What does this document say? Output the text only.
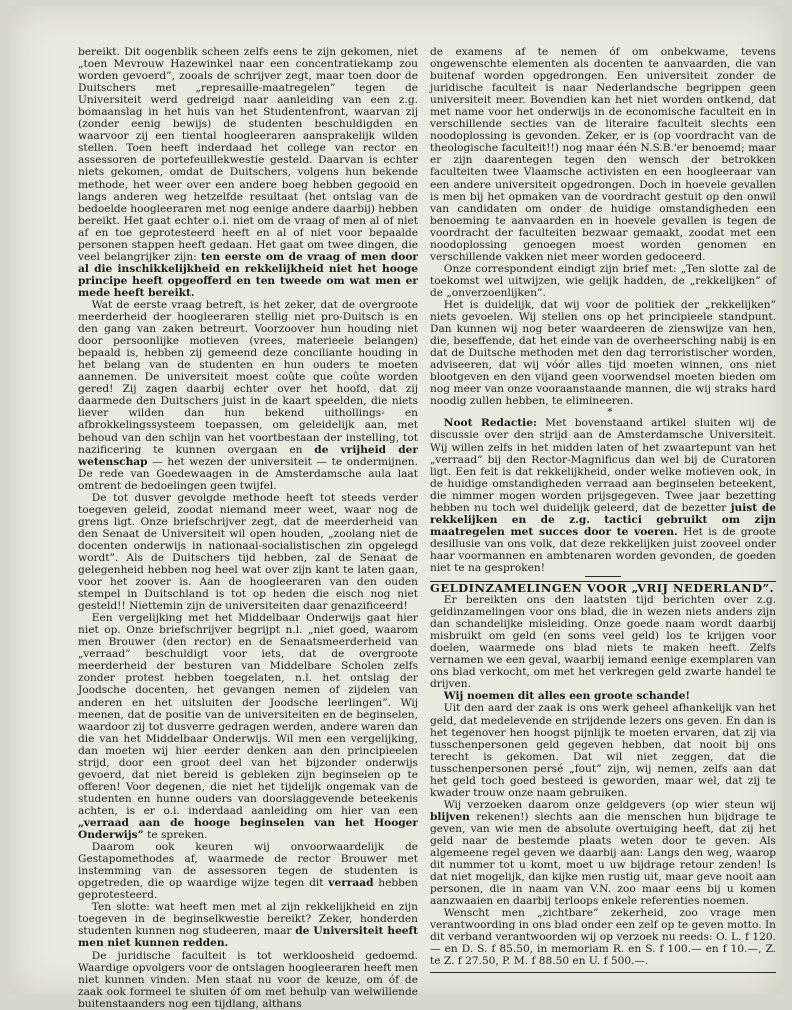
bereikt. Dit oogenblik scheen zelfs eens te zijn gekomen, niet „toen Mevrouw Hazewinkel naar een concentratiekamp zou worden gevoerd”, zooals de schrijver zegt, maar toen door de Duitschers met „represaille-maatregelen” tegen de Universiteit werd gedreigd naar aanleiding van een z.g. bomaanslag in het huis van het Studentenfront, waarvan zij (zonder eenig bewijs) de studenten beschuldigden en waarvoor zij een tiental hoogleeraren aansprakelijk wilden stellen. Toen heeft inderdaad het college van rector en assessoren de portefeuillekwestie gesteld. Daarvan is echter niets gekomen, omdat de Duitschers, volgens hun bekende methode, het weer over een andere boeg hebben gegooid en langs anderen weg hetzelfde resultaat (het ontslag van de bedoelde hoogleeraren met nog eenige andere daarbij) hebben bereikt. Het gaat echter o.i. niet om de vraag of men al of niet af en toe geprotesteerd heeft en al of niet voor bepaalde personen stappen heeft gedaan. Het gaat om twee dingen, die veel belangrijker zijn: ten eerste om de vraag of men door al die inschikkelijkheid en rekkelijkheid niet het hooge principe heeft opgeofferd en ten tweede om wat men er mede heeft bereikt.

Wat de eerste vraag betreft, is het zeker, dat de overgroote meerderheid der hoogleeraren stellig niet pro-Duitsch is en den gang van zaken betreurt. Voorzoover hun houding niet door persoonlijke motieven (vrees, materieele belangen) bepaald is, hebben zij gemeend deze conciliante houding in het belang van de studenten en hun ouders te moeten aannemen. De universiteit moest coûte que coûte worden gered! Zij zagen daarbij echter over het hoofd, dat zij daarmede den Duitschers juist in de kaart speelden, die niets liever wilden dan hun bekend uithollings- en afbrokkelingssysteem toepassen, om geleidelijk aan, met behoud van den schijn van het voortbestaan der instelling, tot nazificering te kunnen overgaan en de vrijheid der wetenschap — het wezen der universiteit — te ondermijnen. De rede van Goedewaagen in de Amsterdamsche aula laat omtrent de bedoelingen geen twijfel.

De tot dusver gevolgde methode heeft tot steeds verder toegeven geleid, zoodat niemand meer weet, waar nog de grens ligt. Onze briefschrijver zegt, dat de meerderheid van den Senaat de Universiteit wil open houden, „zoolang niet de docenten onderwijs in nationaal-socialistischen zin opgelegd wordt”. Als de Duitschers tijd hebben, zal de Senaat de gelegenheid hebben nog heel wat over zijn kant te laten gaan, voor het zoover is. Aan de hoogleeraren van den ouden stempel in Duitschland is tot op heden die eisch nog niet gesteld!! Niettemin zijn de universiteiten daar genazificeerd!

Een vergelijking met het Middelbaar Onderwijs gaat hier niet op. Onze briefschrijver begrijpt n.l. „niet goed, waarom men Brouwer (den rector) en de Senaatsmeerderheid van „verraad” beschuldigt voor iets, dat de overgroote meerderheid der besturen van Middelbare Scholen zelfs zonder protest hebben toegelaten, n.l. het ontslag der Joodsche docenten, het gevangen nemen of zijdelen van anderen en het uitsluiten der Joodsche leerlingen”. Wij meenen, dat de positie van de universiteiten en de beginselen, waardoor zij tot dusverre gedragen werden, andere waren dan die van het Middelbaar Onderwijs. Wil men een vergelijking, dan moeten wij hier eerder denken aan den principieelen strijd, door een groot deel van het bijzonder onderwijs gevoerd, dat niet bereid is gebleken zijn beginselen op te offeren! Voor degenen, die niet het tijdelijk ongemak van de studenten en hunne ouders van doorslaggevende beteekenis achten, is er o.i. inderdaad aanleiding om hier van een „verraad aan de hooge beginselen van het Hooger Onderwijs” te spreken.

Daarom ook keuren wij onvoorwaardelijk de Gestapomethodes af, waarmede de rector Brouwer met instemming van de assessoren tegen de studenten is opgetreden, die op waardige wijze tegen dit verraad hebben geprotesteerd.

Ten slotte: wat heeft men met al zijn rekkelijkheid en zijn toegeven in de beginselkwestie bereikt? Zeker, honderden studenten kunnen nog studeeren, maar de Universiteit heeft men niet kunnen redden.

De juridische faculteit is tot werkloosheid gedoemd. Waardige opvolgers voor de ontslagen hoogleeraren heeft men niet kunnen vinden. Men staat nu voor de keuze, om óf de zaak ook formeel te sluiten óf om met behulp van welwillende buitenstaanders nog een tijdlang, althans

de examens af te nemen óf om onbekwame, tevens ongewenschte elementen als docenten te aanvaarden, die van buitenaf worden opgedrongen. Een universiteit zonder de juridische faculteit is naar Nederlandsche begrippen geen universiteit meer. Bovendien kan het niet worden ontkend, dat met name voor het onderwijs in de economische faculteit en in verschillende secties van de literaire faculteit slechts een noodoplossing is gevonden. Zeker, er is (op voordracht van de theologische faculteit!!) nog maar één N.S.B.'er benoemd; maar er zijn daarentegen tegen den wensch der betrokken faculteiten twee Vlaamsche activisten en een hoogleeraar van een andere universiteit opgedrongen. Doch in hoevele gevallen is men bij het opmaken van de voordracht gestuit op den onwil van candidaten om onder de huidige omstandigheden een benoeming te aanvaarden en in hoevele gevallen is tegen de voordracht der faculteiten bezwaar gemaakt, zoodat met een noodoplossing genoegen moest worden genomen en verschillende vakken niet meer worden gedoceerd.

Onze correspondent eindigt zijn brief met: „Ten slotte zal de toekomst wel uitwijzen, wie gelijk hadden, de „rekkelijken” of de „onverzoenlijken”.

Het is duidelijk, dat wij voor de politiek der „rekkelijken” niets gevoelen. Wij stellen ons op het principieele standpunt. Dan kunnen wij nog beter waardeeren de zienswijze van hen, die, beseffende, dat het einde van de overheersching nabij is en dat de Duitsche methoden met den dag terroristischer worden, adviseeren, dat wij vóór alles tijd moeten winnen, ons niet blootgeven en den vijand geen voorwendsel moeten bieden om nog meer van onze vooraanstaande mannen, die wij straks hard noodig zullen hebben, te elimineeren.

*

Noot Redactie: Met bovenstaand artikel sluiten wij de discussie over den strijd aan de Amsterdamsche Universiteit. Wij willen zelfs in het midden laten of het zwaartepunt van het „verraad” bij den Rector-Magnificus dan wel bij de Curatoren ligt. Een feit is dat rekkelijkheid, onder welke motieven ook, in de huidige omstandigheden verraad aan beginselen beteekent, die nimmer mogen worden prijsgegeven. Twee jaar bezetting hebben nu toch wel duidelijk geleerd, dat de bezetter juist de rekkelijken en de z.g. tactici gebruikt om zijn maatregelen met succes door te voeren. Het is de groote desillusie van ons volk, dat deze rekkelijken juist zooveel onder haar voormannen en ambtenaren worden gevonden, de goeden niet te na gesproken!

GELDINZAMELINGEN VOOR „VRIJ NEDERLAND”.

Er bereikten ons den laatsten tijd berichten over z.g. geldinzamelingen voor ons blad, die in wezen niets anders zijn dan schandelijke misleiding. Onze goede naam wordt daarbij misbruikt om geld (en soms veel geld) los te krijgen voor doelen, waarmede ons blad niets te maken heeft. Zelfs vernamen we een geval, waarbij iemand eenige exemplaren van ons blad verkocht, om met het verkregen geld zwarte handel te drijven.

Wij noemen dit alles een groote schande!

Uit den aard der zaak is ons werk geheel afhankelijk van het geld, dat medelevende en strijdende lezers ons geven. En dan is het tegenover hen hoogst pijnlijk te moeten ervaren, dat zij via tusschenpersonen geld gegeven hebben, dat nooit bij ons terecht is gekomen. Dat wil niet zeggen, dat die tusschenpersonen persé „fout” zijn, wij nemen, zelfs aan dat het geld toch goed besteed is geworden, maar wel, dat zij te kwader trouw onze naam gebruiken.

Wij verzoeken daarom onze geldgevers (op wier steun wij blijven rekenen!) slechts aan die menschen hun bijdrage te geven, van wie men de absolute overtuiging heeft, dat zij het geld naar de bestemde plaats weten door te geven. Als algemeene regel geven we daarbij aan: Langs den weg, waarop dit nummer tot u komt, moet u uw bijdrage retour zenden! Is dat niet mogelijk, dan kijke men rustig uit, maar geve nooit aan personen, die in naam van V.N. zoo maar eens bij u komen aanzwaaien en daarbij terloops enkele referenties noemen.

Wenscht men „zichtbare” zekerheid, zoo vrage men verantwoording in ons blad onder een zelf op te geven motto. In dit verband verantwoorden wij op verzoek nu reeds: O. L. f 120.— en D. S. f 85.50, in memoriam R. en S. f 100.— en f 10.—, Z. te Z. f 27.50, P. M. f 88.50 en U. f 500.—.
